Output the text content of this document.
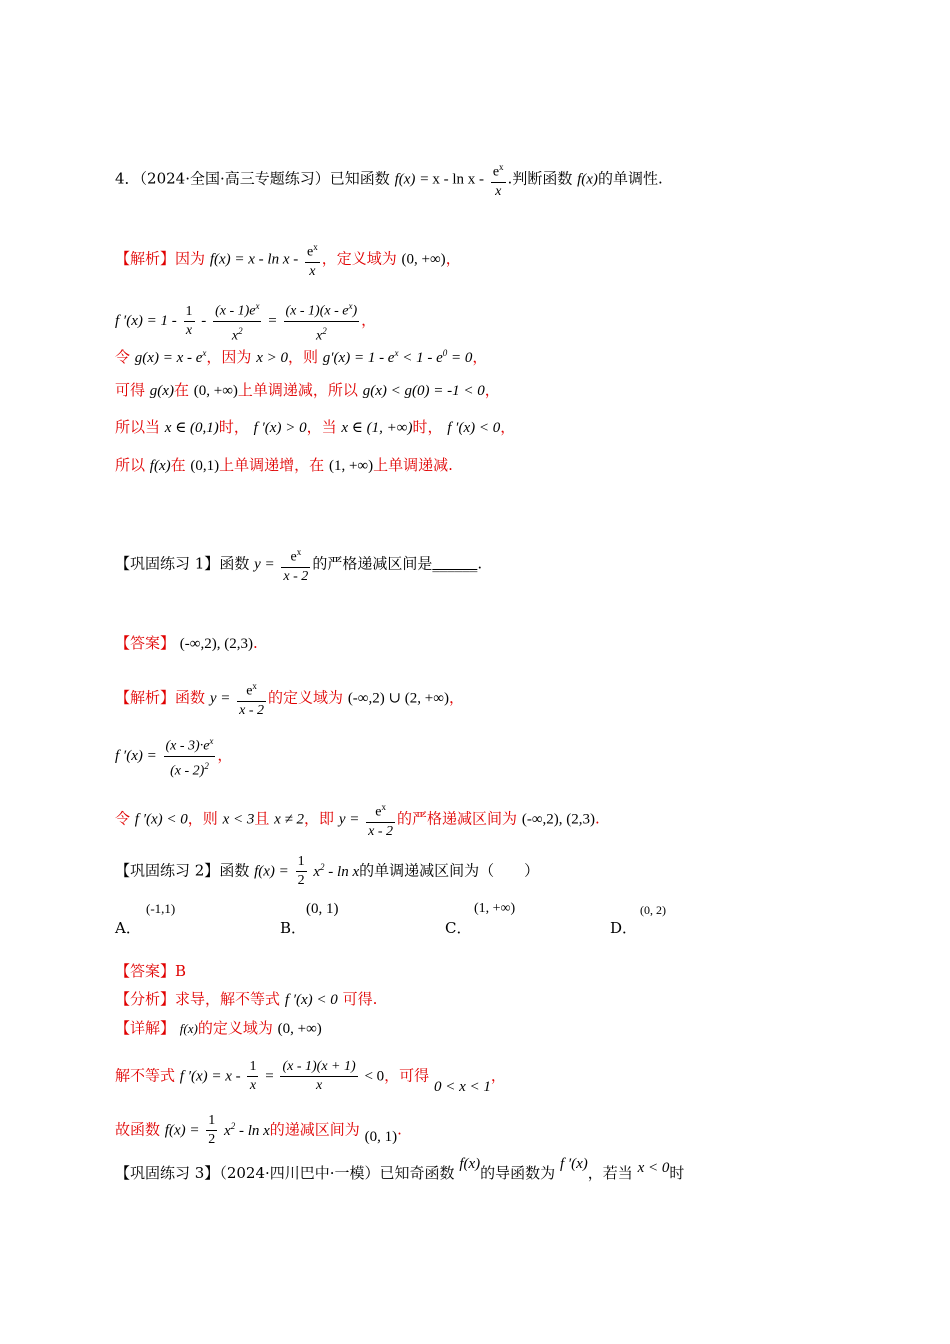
4．（2024·全国·高三专题练习）已知函数 $f(x) = x - \ln x - \frac{e^x}{x}$ .判断函数 f(x)的单调性.
【解析】因为 $f(x) = x - \ln x - \frac{e^x}{x}$ ，定义域为 (0, +∞)，
f $'(x) = 1 - \frac{1}{x} - \frac{(x - 1)e^x}{x^2} = \frac{(x - 1)(x - e^x)}{x^2}$ ，
令 $g(x) = x - e^x$，因为 x > 0，则 $g'(x) = 1 - e^x < 1 - e^0 = 0$，
可得 g(x)在 (0, +∞)上单调递减，所以 g(x) < g(0) = -1 < 0，
所以当 x ∈ (0,1)时， f ′(x) > 0，当 x ∈ (1, +∞)时， f ′(x) < 0，
所以 f(x)在 (0,1)上单调递增，在 (1, +∞)上单调递减.
【巩固练习 1】函数 $y = \frac{e^x}{x - 2}$ 的严格递减区间是______.
【答案】 (-∞,2), (2,3).
【解析】函数 $y = \frac{e^x}{x - 2}$ 的定义域为 (-∞,2) ∪ (2, +∞)，
f $'(x) = \frac{(x - 3)\cdot e^x}{(x - 2)^2}$ ，
令 f ′(x) < 0，则 x < 3且 x ≠ 2，即 $y = \frac{e^x}{x - 2}$ 的严格递减区间为 (-∞,2), (2,3).
【巩固练习 2】函数 $f(x) = \frac{1}{2} x^2 - \ln x$的单调递减区间为（　　）
A．
(-1,1)
B．
(0, 1)
C．
(1, +∞)
D．
(0, 2)
【答案】B
【分析】求导，解不等式 f ′(x) < 0 可得.
【详解】 f(x)的定义域为 (0, +∞)
解不等式 f $'(x) = x - \frac{1}{x} = \frac{(x - 1)(x + 1)}{x} < 0$，可得 0 < x < 1，
故函数 $f(x) = \frac{1}{2} x^2 - \ln x$的递减区间为 (0, 1).
【巩固练习 3】（2024·四川巴中·一模）已知奇函数 f(x)的导函数为 f ′(x)，若当 x < 0时
